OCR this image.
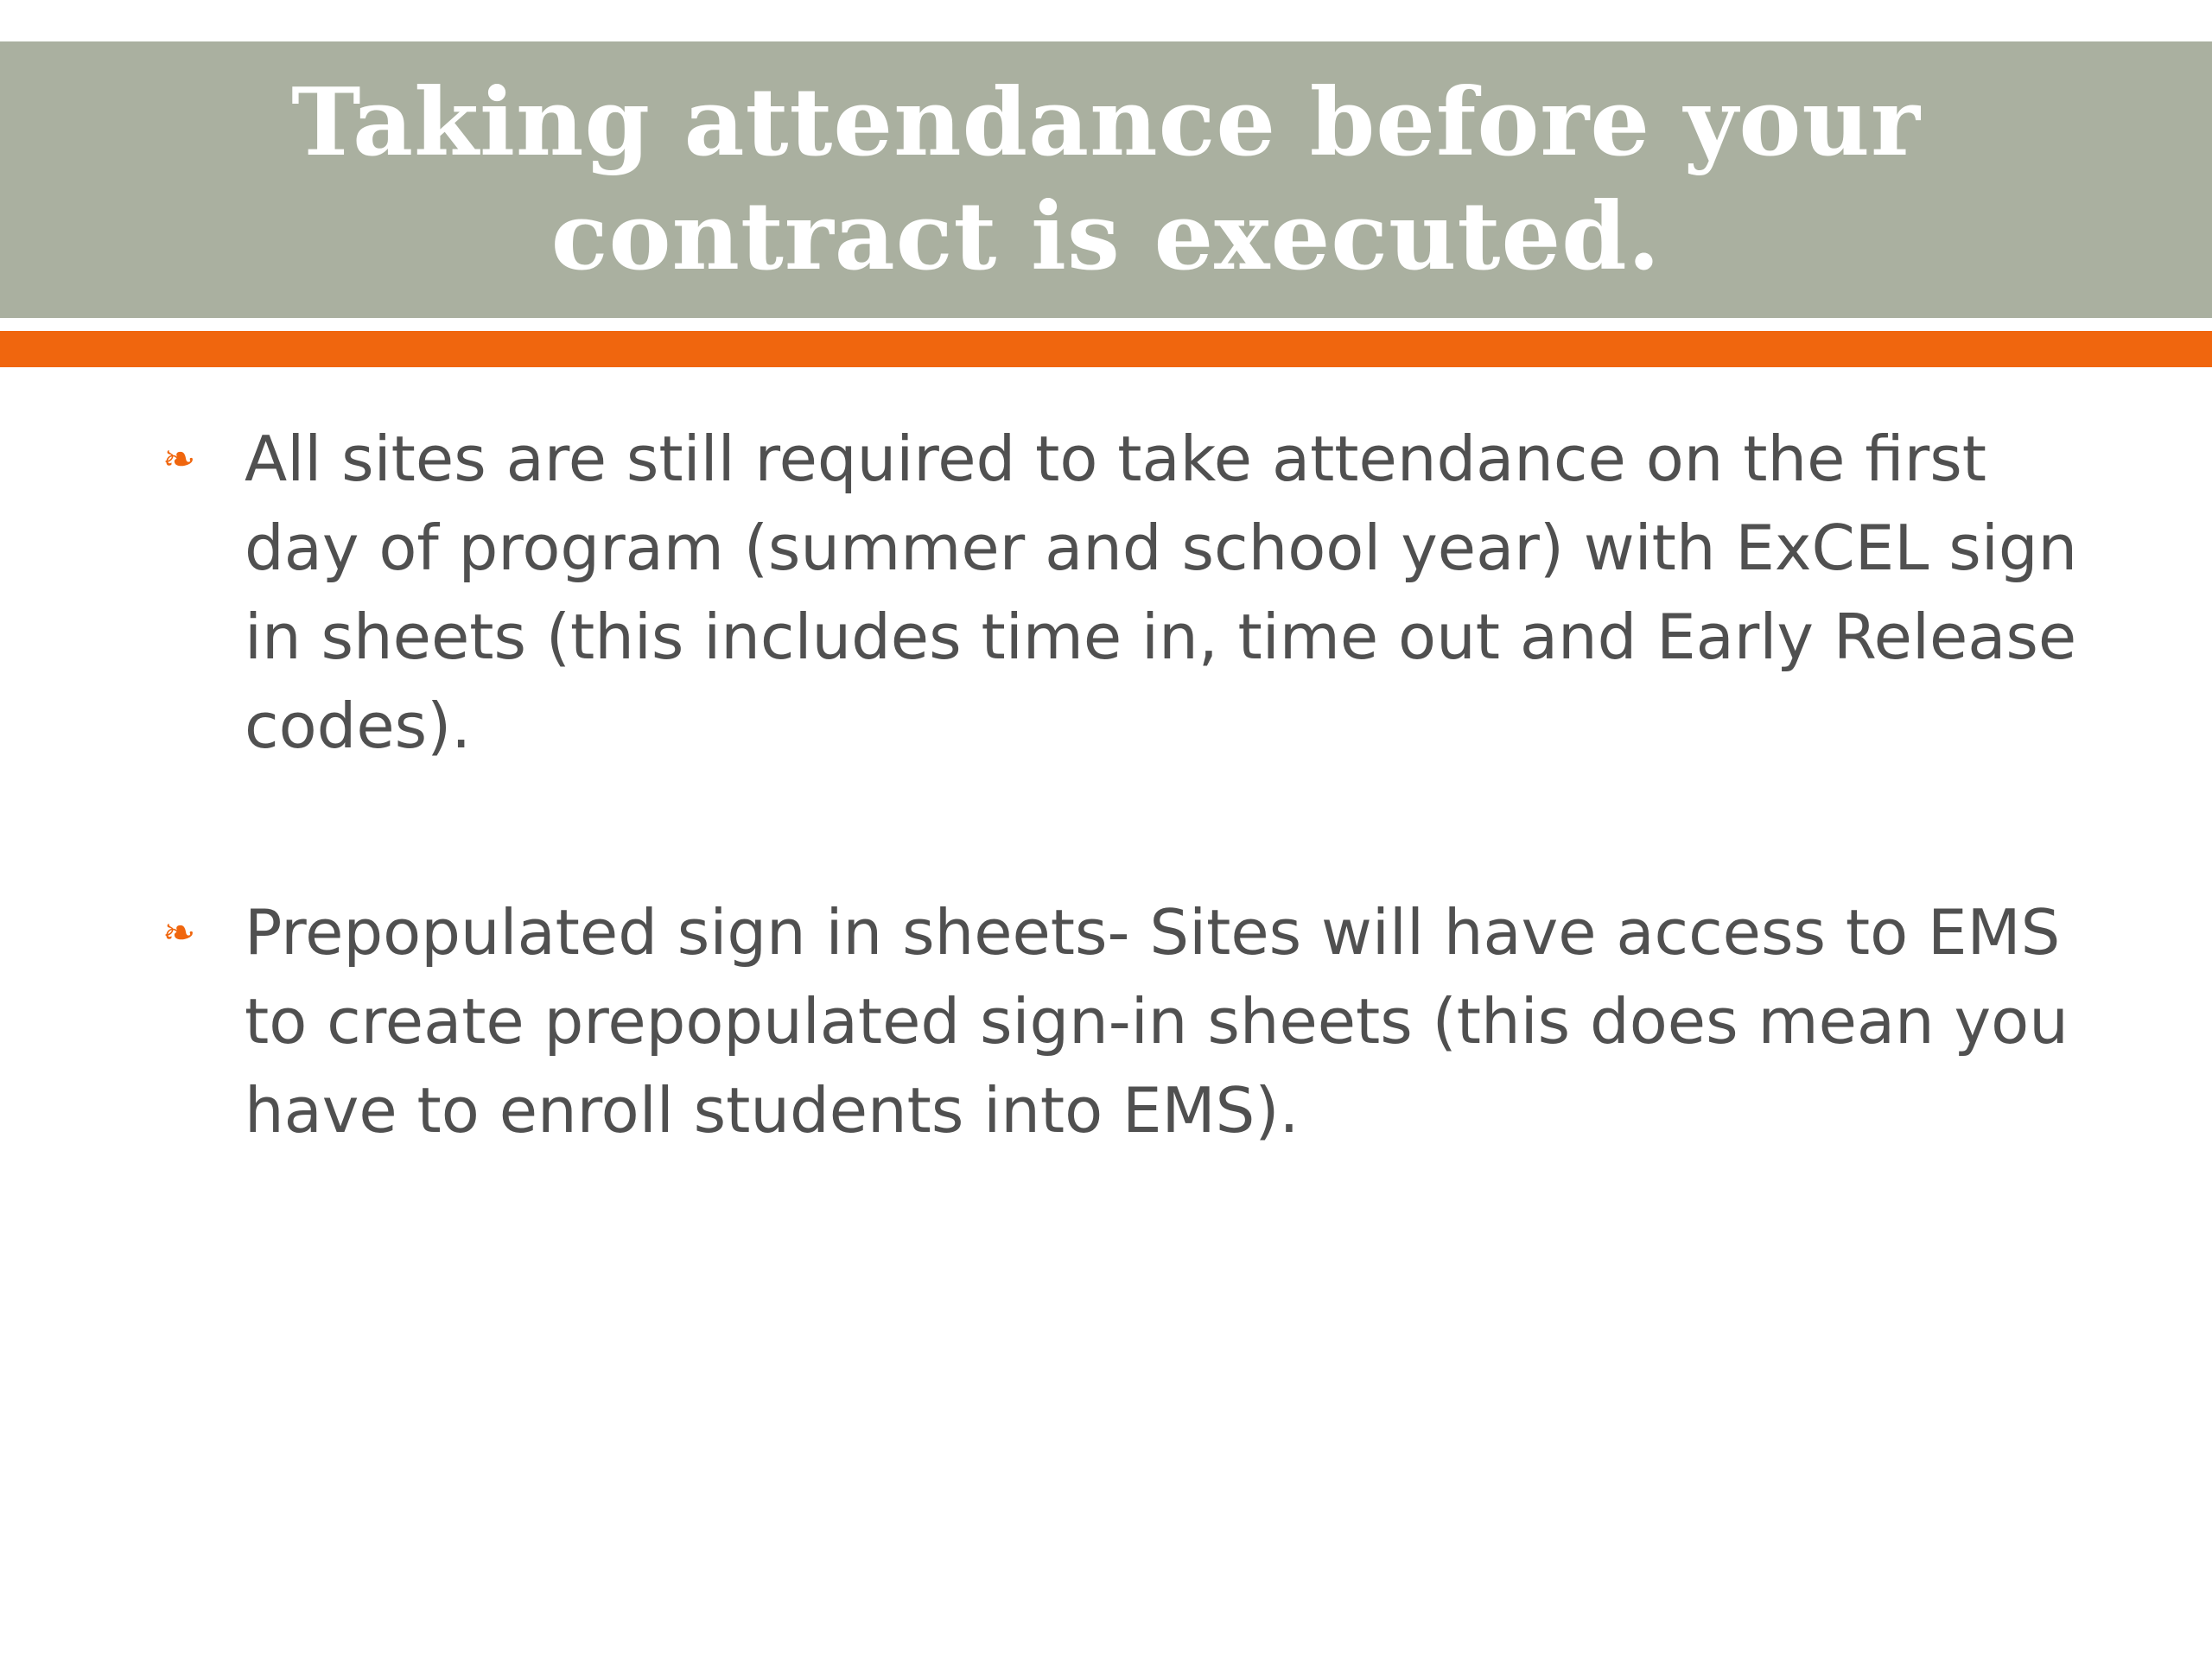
Taking attendance before your contract is executed.
❧ All sites are still required to take attendance on the first day of program (summer and school year) with ExCEL sign in sheets (this includes time in, time out and Early Release codes).
❧ Prepopulated sign in sheets- Sites will have access to EMS to create prepopulated sign-in sheets (this does mean you have to enroll students into EMS).
